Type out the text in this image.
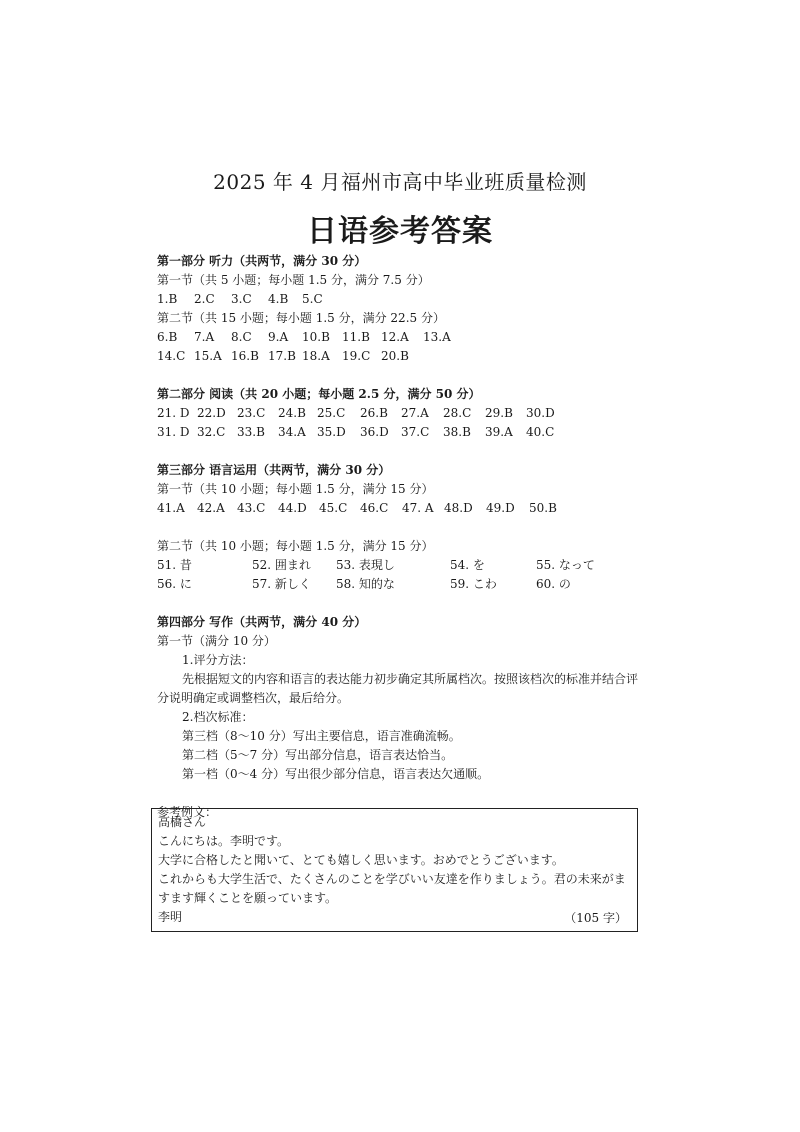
2025 年 4 月福州市高中毕业班质量检测
日语参考答案
第一部分 听力（共两节，满分 30 分）
第一节（共 5 小题；每小题 1.5 分，满分 7.5 分）
1.B 2.C 3.C 4.B 5.C
第二节（共 15 小题；每小题 1.5 分，满分 22.5 分）
6.B 7.A 8.C 9.A 10.B 11.B 12.A 13.A
14.C 15.A 16.B 17.B 18.A 19.C 20.B
第二部分 阅读（共 20 小题；每小题 2.5 分，满分 50 分）
21. D 22.D 23.C 24.B 25.C 26.B 27.A 28.C 29.B 30.D
31. D 32.C 33.B 34.A 35.D 36.D 37.C 38.B 39.A 40.C
第三部分 语言运用（共两节，满分 30 分）
第一节（共 10 小题；每小题 1.5 分，满分 15 分）
41.A 42.A 43.C 44.D 45.C 46.C 47. A 48.D 49.D 50.B
第二节（共 10 小题；每小题 1.5 分，满分 15 分）
51. 昔	52. 囲まれ 53. 表現し	54. を	55. なって
56. に	57. 新しく 58. 知的な	59. こわ	60. の
第四部分 写作（共两节，满分 40 分）
第一节（满分 10 分）
1.评分方法：
先根据短文的内容和语言的表达能力初步确定其所属档次。按照该档次的标准并结合评分说明确定或调整档次，最后给分。
2.档次标准：
第三档（8～10 分）写出主要信息，语言准确流畅。
第二档（5～7 分）写出部分信息，语言表达恰当。
第一档（0～4 分）写出很少部分信息，语言表达欠通顺。
参考例文：
高橋さん
こんにちは。李明です。
大学に合格したと聞いて、とても嬉しく思います。おめでとうございます。
これからも大学生活で、たくさんのことを学びいい友達を作りましょう。君の未来がま
すます輝くことを願っています。
李明	（105 字）
